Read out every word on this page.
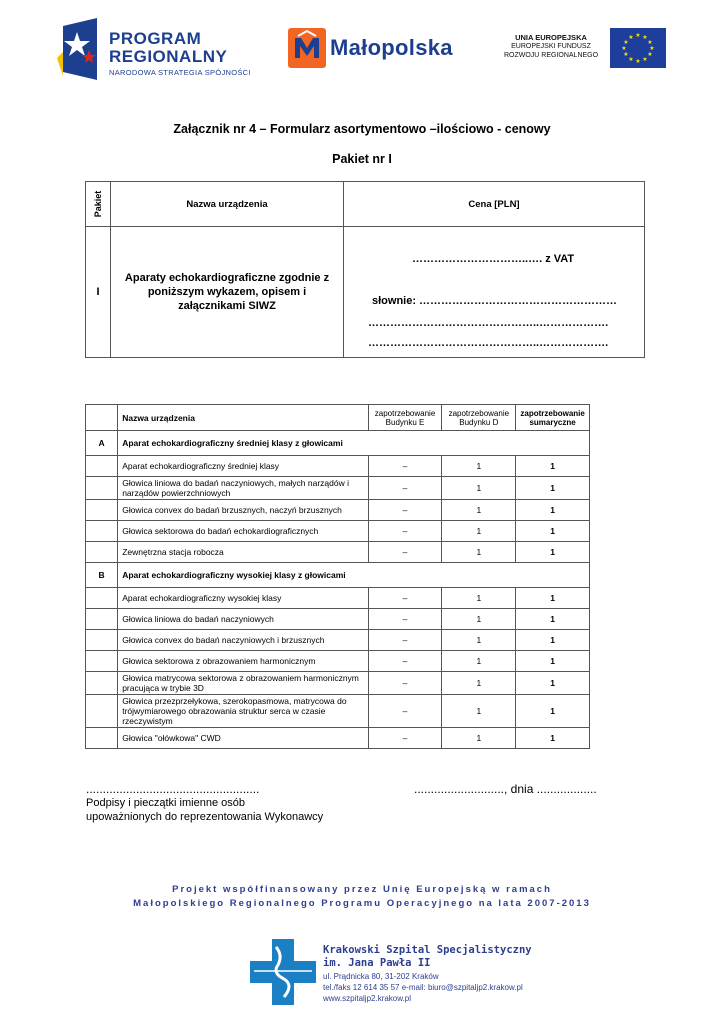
PROGRAM
REGIONALNY
NARODOWA STRATEGIA SPÓJNOŚCI
Małopolska	UNIA EUROPEJSKA
EUROPEJSKI FUNDUSZ
ROZWOJU REGIONALNEGO
★ ★
★
★
★
★
★
★
★
★
★
★
Załącznik nr 4 – Formularz asortymentowo –ilościowo - cenowy
Pakiet nr I
Pakiet	Nazwa urządzenia	Cena [PLN]
I	Aparaty echokardiograficzne zgodnie z poniższym wykazem, opisem i załącznikami SIWZ	…………………………..…. z VAT
słownie: ………………………………………………
………………………………………..……………….
………………………………………..……………….
	Nazwa urządzenia	zapotrzebowanie Budynku E	zapotrzebowanie Budynku D	zapotrzebowanie sumaryczne
A	Aparat echokardiograficzny średniej klasy z głowicami			
	Aparat echokardiograficzny średniej klasy	–	1	1
	Głowica liniowa do badań naczyniowych, małych narządów i narządów powierzchniowych	–	1	1
	Głowica convex do badań brzusznych, naczyń brzusznych	–	1	1
	Głowica sektorowa do badań echokardiograficznych	–	1	1
	Zewnętrzna stacja robocza	–	1	1
B	Aparat echokardiograficzny wysokiej klasy z głowicami			
	Aparat echokardiograficzny wysokiej klasy	–	1	1
	Głowica liniowa do badań naczyniowych	–	1	1
	Głowica convex do badań naczyniowych i brzusznych	–	1	1
	Głowica sektorowa z obrazowaniem harmonicznym	–	1	1
	Głowica matrycowa sektorowa z obrazowaniem harmonicznym pracująca w trybie 3D	–	1	1
	Głowica przezprzełykowa, szerokopasmowa, matrycowa do trójwymiarowego obrazowania struktur serca w czasie rzeczywistym	–	1	1
	Głowica "ołówkowa" CWD	–	1	1
....................................................	..........................., dnia ..................
Podpisy i pieczątki imienne osób
upoważnionych do reprezentowania Wykonawcy
Projekt współfinansowany przez Unię Europejską w ramach
Małopolskiego Regionalnego Programu Operacyjnego na lata 2007-2013
Krakowski Szpital Specjalistyczny
im. Jana Pawła II
ul. Prądnicka 80, 31-202 Kraków
tel./faks 12 614 35 57 e-mail: biuro@szpitaljp2.krakow.pl
www.szpitaljp2.krakow.pl
